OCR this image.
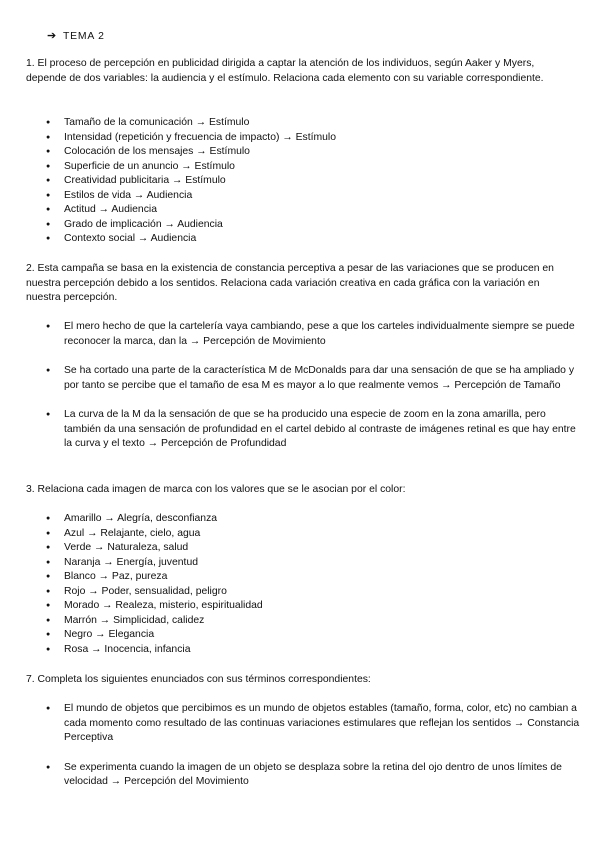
➔ TEMA 2

1. El proceso de percepción en publicidad dirigida a captar la atención de los individuos, según Aaker y Myers, depende de dos variables: la audiencia y el estímulo. Relaciona cada elemento con su variable correspondiente.

● Tamaño de la comunicación → Estímulo
● Intensidad (repetición y frecuencia de impacto) → Estímulo
● Colocación de los mensajes → Estímulo
● Superficie de un anuncio → Estímulo
● Creatividad publicitaria → Estímulo
● Estilos de vida → Audiencia
● Actitud → Audiencia
● Grado de implicación → Audiencia
● Contexto social → Audiencia

2. Esta campaña se basa en la existencia de constancia perceptiva a pesar de las variaciones que se producen en nuestra percepción debido a los sentidos. Relaciona cada variación creativa en cada gráfica con la variación en nuestra percepción.

● El mero hecho de que la cartelería vaya cambiando, pese a que los carteles individualmente siempre se puede reconocer la marca, dan la → Percepción de Movimiento
● Se ha cortado una parte de la característica M de McDonalds para dar una sensación de que se ha ampliado y por tanto se percibe que el tamaño de esa M es mayor a lo que realmente vemos → Percepción de Tamaño
● La curva de la M da la sensación de que se ha producido una especie de zoom en la zona amarilla, pero también da una sensación de profundidad en el cartel debido al contraste de imágenes retinal es que hay entre la curva y el texto → Percepción de Profundidad

3. Relaciona cada imagen de marca con los valores que se le asocian por el color:

● Amarillo → Alegría, desconfianza
● Azul → Relajante, cielo, agua
● Verde → Naturaleza, salud
● Naranja → Energía, juventud
● Blanco → Paz, pureza
● Rojo → Poder, sensualidad, peligro
● Morado → Realeza, misterio, espiritualidad
● Marrón → Simplicidad, calidez
● Negro → Elegancia
● Rosa → Inocencia, infancia

7. Completa los siguientes enunciados con sus términos correspondientes:

● El mundo de objetos que percibimos es un mundo de objetos estables (tamaño, forma, color, etc) no cambian a cada momento como resultado de las continuas variaciones estimulares que reflejan los sentidos → Constancia Perceptiva
● Se experimenta cuando la imagen de un objeto se desplaza sobre la retina del ojo dentro de unos límites de velocidad → Percepción del Movimiento
